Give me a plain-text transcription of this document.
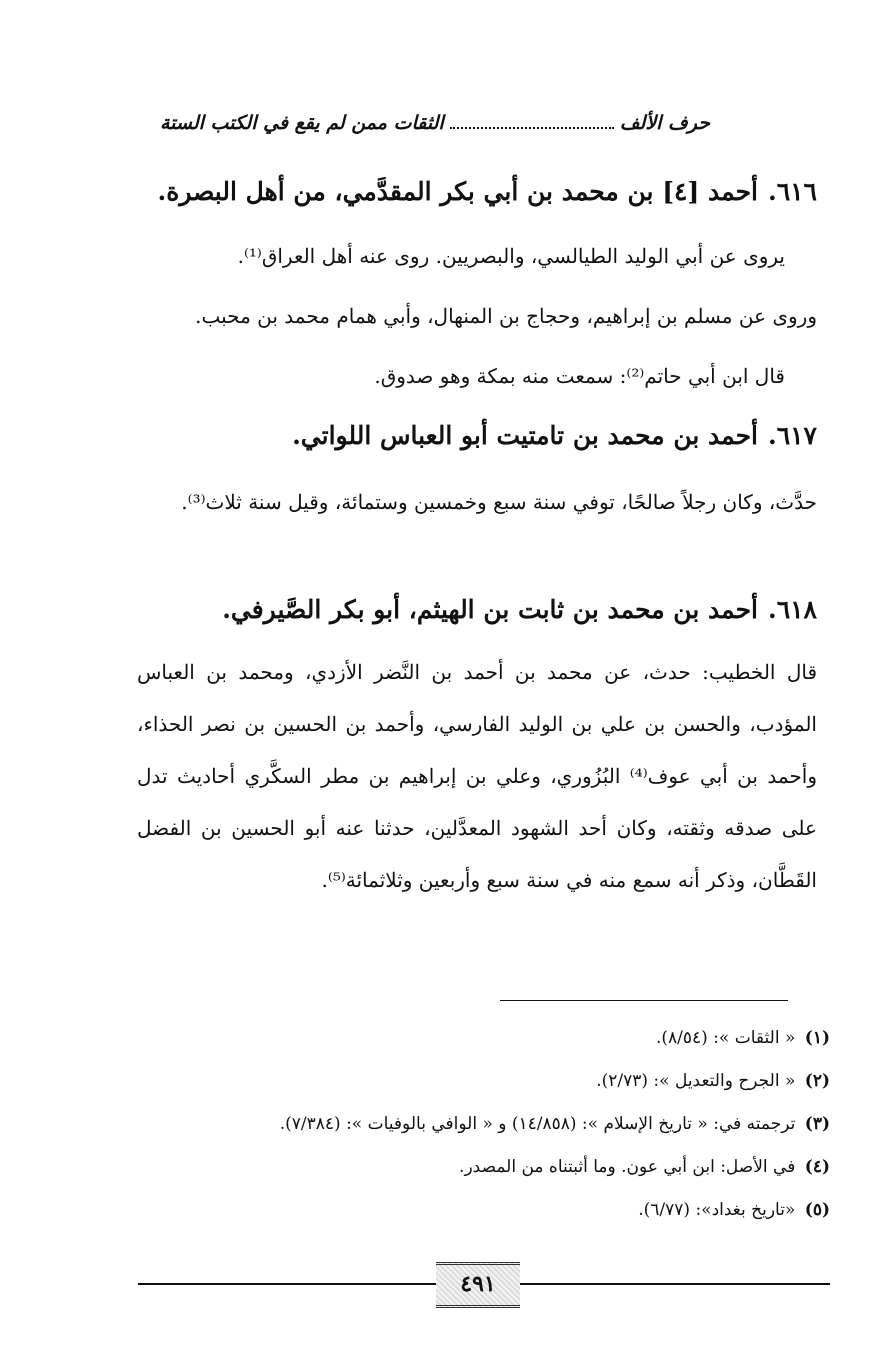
حرف الألف
الثقات ممن لم يقع في الكتب الستة
٦١٦.أحمد [٤] بن محمد بن أبي بكر المقدَّمي، من أهل البصرة.
يروى عن أبي الوليد الطيالسي، والبصريين. روى عنه أهل العراق⁽¹⁾.
وروى عن مسلم بن إبراهيم، وحجاج بن المنهال، وأبي همام محمد بن محبب.
قال ابن أبي حاتم⁽²⁾: سمعت منه بمكة وهو صدوق.
٦١٧.أحمد بن محمد بن تامتيت أبو العباس اللواتي.
حدَّث، وكان رجلاً صالحًا، توفي سنة سبع وخمسين وستمائة، وقيل سنة ثلاث⁽³⁾.
٦١٨.أحمد بن محمد بن ثابت بن الهيثم، أبو بكر الصَّيرفي.
قال الخطيب: حدث، عن محمد بن أحمد بن النَّضر الأزدي، ومحمد بن العباس المؤدب، والحسن بن علي بن الوليد الفارسي، وأحمد بن الحسين بن نصر الحذاء، وأحمد بن أبي عوف⁽⁴⁾ البُزُوري، وعلي بن إبراهيم بن مطر السكَّري أحاديث تدل على صدقه وثقته، وكان أحد الشهود المعدَّلين، حدثنا عنه أبو الحسين بن الفضل القَطَّان، وذكر أنه سمع منه في سنة سبع وأربعين وثلاثمائة⁽⁵⁾.
(١) « الثقات »: (٨/٥٤).
(٢) « الجرح والتعديل »: (٢/٧٣).
(٣) ترجمته في: « تاريخ الإسلام »: (١٤/٨٥٨) و « الوافي بالوفيات »: (٧/٣٨٤).
(٤) في الأصل: ابن أبي عون. وما أثبتناه من المصدر.
(٥) «تاريخ بغداد»: (٦/٧٧).
٤٩١
